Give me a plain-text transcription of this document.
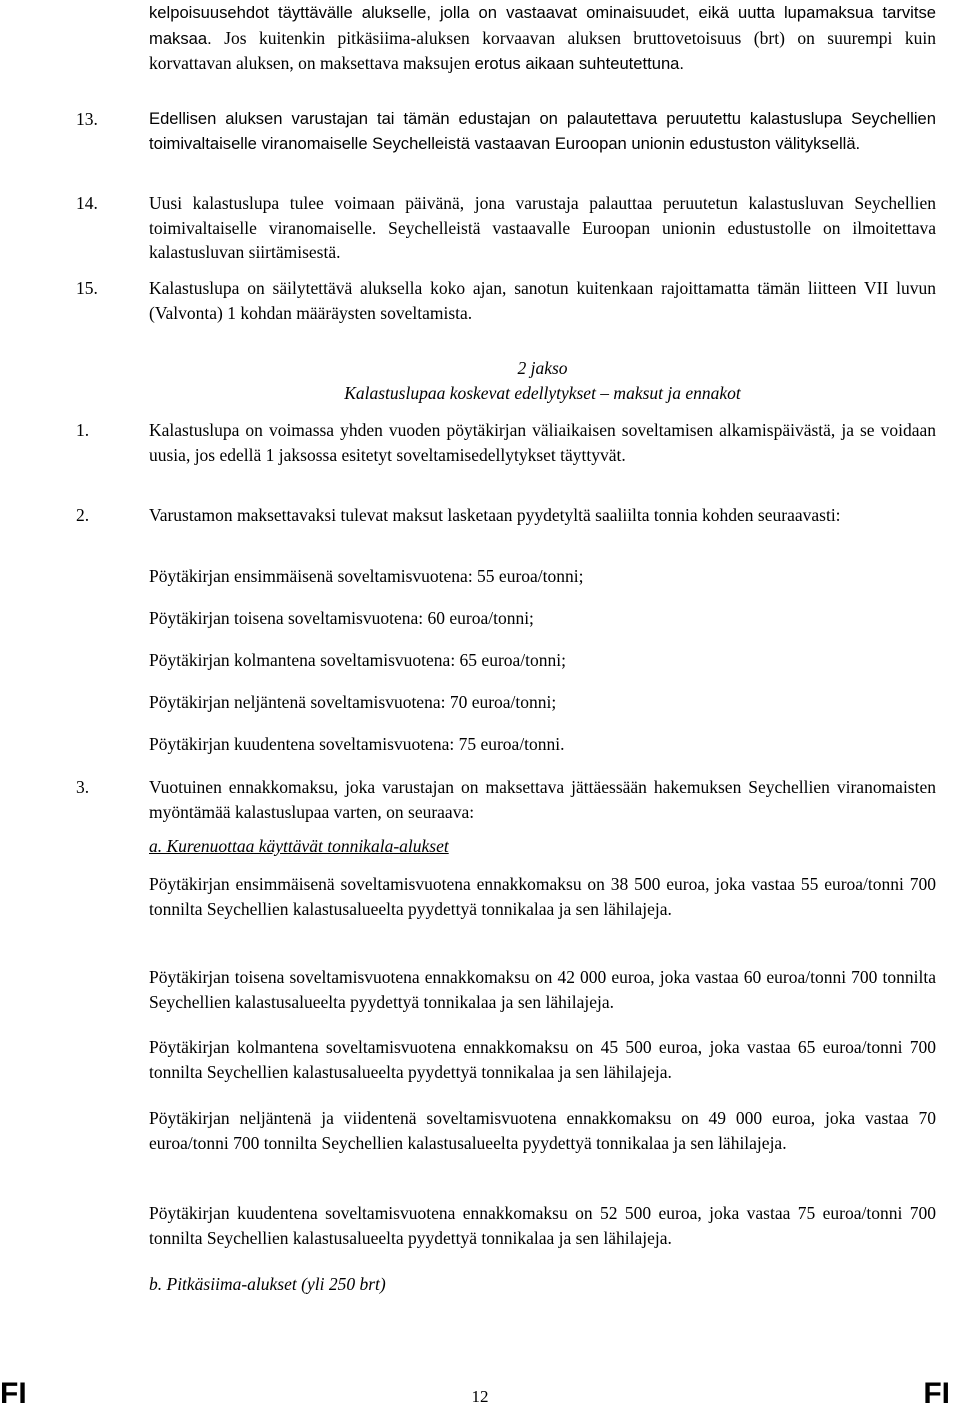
kelpoisuusehdot täyttävälle alukselle, jolla on vastaavat ominaisuudet, eikä uutta lupamaksua tarvitse maksaa. Jos kuitenkin pitkäsiima-aluksen korvaavan aluksen bruttovetoisuus (brt) on suurempi kuin korvattavan aluksen, on maksettava maksujen erotus aikaan suhteutettuna.

13.	Edellisen aluksen varustajan tai tämän edustajan on palautettava peruutettu kalastuslupa Seychellien toimivaltaiselle viranomaiselle Seychelleistä vastaavan Euroopan unionin edustuston välityksellä.

14.	Uusi kalastuslupa tulee voimaan päivänä, jona varustaja palauttaa peruutetun kalastusluvan Seychellien toimivaltaiselle viranomaiselle. Seychelleistä vastaavalle Euroopan unionin edustustolle on ilmoitettava kalastusluvan siirtämisestä.

15.	Kalastuslupa on säilytettävä aluksella koko ajan, sanotun kuitenkaan rajoittamatta tämän liitteen VII luvun (Valvonta) 1 kohdan määräysten soveltamista.

2 jakso

Kalastuslupaa koskevat edellytykset – maksut ja ennakot

1.	Kalastuslupa on voimassa yhden vuoden pöytäkirjan väliaikaisen soveltamisen alkamispäivästä, ja se voidaan uusia, jos edellä 1 jaksossa esitetyt soveltamisedellytykset täyttyvät.

2.	Varustamon maksettavaksi tulevat maksut lasketaan pyydetyltä saaliilta tonnia kohden seuraavasti:

Pöytäkirjan ensimmäisenä soveltamisvuotena: 55 euroa/tonni;

Pöytäkirjan toisena soveltamisvuotena: 60 euroa/tonni;

Pöytäkirjan kolmantena soveltamisvuotena: 65 euroa/tonni;

Pöytäkirjan neljäntenä soveltamisvuotena: 70 euroa/tonni;

Pöytäkirjan kuudentena soveltamisvuotena: 75 euroa/tonni.

3.	Vuotuinen ennakkomaksu, joka varustajan on maksettava jättäessään hakemuksen Seychellien viranomaisten myöntämää kalastuslupaa varten, on seuraava:

a. Kurenuottaa käyttävät tonnikala-alukset

Pöytäkirjan ensimmäisenä soveltamisvuotena ennakkomaksu on 38 500 euroa, joka vastaa 55 euroa/tonni 700 tonnilta Seychellien kalastusalueelta pyydettyä tonnikalaa ja sen lähilajeja.

Pöytäkirjan toisena soveltamisvuotena ennakkomaksu on 42 000 euroa, joka vastaa 60 euroa/tonni 700 tonnilta Seychellien kalastusalueelta pyydettyä tonnikalaa ja sen lähilajeja.

Pöytäkirjan kolmantena soveltamisvuotena ennakkomaksu on 45 500 euroa, joka vastaa 65 euroa/tonni 700 tonnilta Seychellien kalastusalueelta pyydettyä tonnikalaa ja sen lähilajeja.

Pöytäkirjan neljäntenä ja viidentenä soveltamisvuotena ennakkomaksu on 49 000 euroa, joka vastaa 70 euroa/tonni 700 tonnilta Seychellien kalastusalueelta pyydettyä tonnikalaa ja sen lähilajeja.

Pöytäkirjan kuudentena soveltamisvuotena ennakkomaksu on 52 500 euroa, joka vastaa 75 euroa/tonni 700 tonnilta Seychellien kalastusalueelta pyydettyä tonnikalaa ja sen lähilajeja.

b. Pitkäsiima-alukset (yli 250 brt)

FI	12	FI
